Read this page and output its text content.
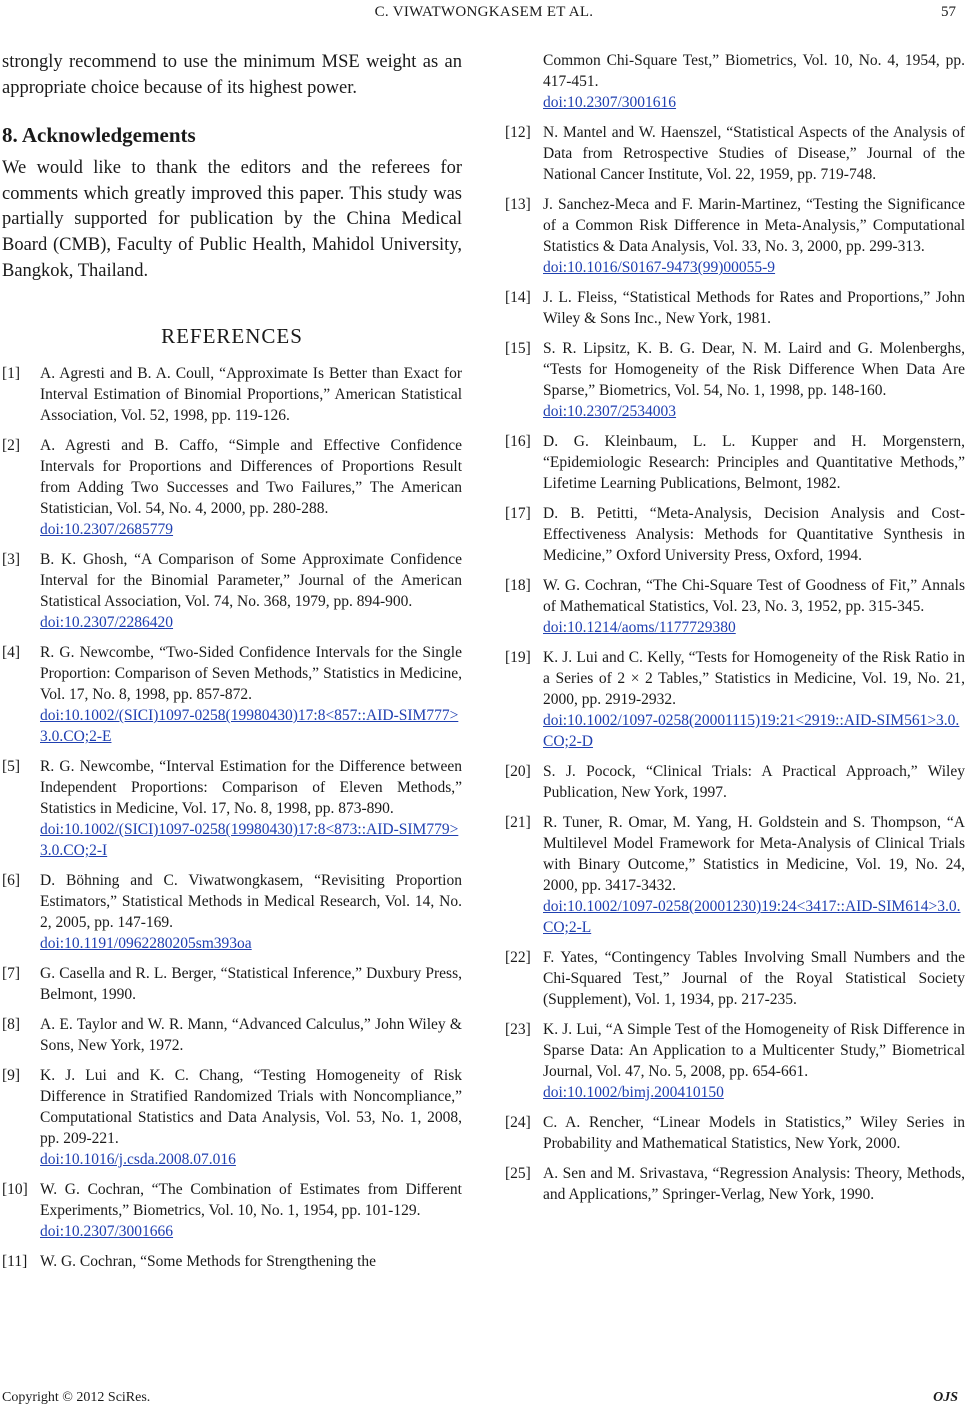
C. VIWATWONGKASEM ET AL.	57

strongly recommend to use the minimum MSE weight as an appropriate choice because of its highest power.

8. Acknowledgements

We would like to thank the editors and the referees for comments which greatly improved this paper. This study was partially supported for publication by the China Medical Board (CMB), Faculty of Public Health, Mahidol University, Bangkok, Thailand.

REFERENCES
[1] A. Agresti and B. A. Coull, “Approximate Is Better than Exact for Interval Estimation of Binomial Proportions,” American Statistical Association, Vol. 52, 1998, pp. 119-126.
[2] A. Agresti and B. Caffo, “Simple and Effective Confidence Intervals for Proportions and Differences of Proportions Result from Adding Two Successes and Two Failures,” The American Statistician, Vol. 54, No. 4, 2000, pp. 280-288.
doi:10.2307/2685779
[3] B. K. Ghosh, “A Comparison of Some Approximate Confidence Interval for the Binomial Parameter,” Journal of the American Statistical Association, Vol. 74, No. 368, 1979, pp. 894-900.
doi:10.2307/2286420
[4] R. G. Newcombe, “Two-Sided Confidence Intervals for the Single Proportion: Comparison of Seven Methods,” Statistics in Medicine, Vol. 17, No. 8, 1998, pp. 857-872.
doi:10.1002/(SICI)1097-0258(19980430)17:8<857::AID-SIM777>3.0.CO;2-E
[5] R. G. Newcombe, “Interval Estimation for the Difference between Independent Proportions: Comparison of Eleven Methods,” Statistics in Medicine, Vol. 17, No. 8, 1998, pp. 873-890.
doi:10.1002/(SICI)1097-0258(19980430)17:8<873::AID-SIM779>3.0.CO;2-I
[6] D. Böhning and C. Viwatwongkasem, “Revisiting Proportion Estimators,” Statistical Methods in Medical Research, Vol. 14, No. 2, 2005, pp. 147-169.
doi:10.1191/0962280205sm393oa
[7] G. Casella and R. L. Berger, “Statistical Inference,” Duxbury Press, Belmont, 1990.
[8] A. E. Taylor and W. R. Mann, “Advanced Calculus,” John Wiley & Sons, New York, 1972.
[9] K. J. Lui and K. C. Chang, “Testing Homogeneity of Risk Difference in Stratified Randomized Trials with Noncompliance,” Computational Statistics and Data Analysis, Vol. 53, No. 1, 2008, pp. 209-221.
doi:10.1016/j.csda.2008.07.016
[10] W. G. Cochran, “The Combination of Estimates from Different Experiments,” Biometrics, Vol. 10, No. 1, 1954, pp. 101-129.
doi:10.2307/3001666
[11] W. G. Cochran, “Some Methods for Strengthening the
Common Chi-Square Test,” Biometrics, Vol. 10, No. 4, 1954, pp. 417-451.
doi:10.2307/3001616
[12] N. Mantel and W. Haenszel, “Statistical Aspects of the Analysis of Data from Retrospective Studies of Disease,” Journal of the National Cancer Institute, Vol. 22, 1959, pp. 719-748.
[13] J. Sanchez-Meca and F. Marin-Martinez, “Testing the Significance of a Common Risk Difference in Meta-Analysis,” Computational Statistics & Data Analysis, Vol. 33, No. 3, 2000, pp. 299-313.
doi:10.1016/S0167-9473(99)00055-9
[14] J. L. Fleiss, “Statistical Methods for Rates and Proportions,” John Wiley & Sons Inc., New York, 1981.
[15] S. R. Lipsitz, K. B. G. Dear, N. M. Laird and G. Molenberghs, “Tests for Homogeneity of the Risk Difference When Data Are Sparse,” Biometrics, Vol. 54, No. 1, 1998, pp. 148-160.
doi:10.2307/2534003
[16] D. G. Kleinbaum, L. L. Kupper and H. Morgenstern, “Epidemiologic Research: Principles and Quantitative Methods,” Lifetime Learning Publications, Belmont, 1982.
[17] D. B. Petitti, “Meta-Analysis, Decision Analysis and Cost-Effectiveness Analysis: Methods for Quantitative Synthesis in Medicine,” Oxford University Press, Oxford, 1994.
[18] W. G. Cochran, “The Chi-Square Test of Goodness of Fit,” Annals of Mathematical Statistics, Vol. 23, No. 3, 1952, pp. 315-345.
doi:10.1214/aoms/1177729380
[19] K. J. Lui and C. Kelly, “Tests for Homogeneity of the Risk Ratio in a Series of 2 × 2 Tables,” Statistics in Medicine, Vol. 19, No. 21, 2000, pp. 2919-2932.
doi:10.1002/1097-0258(20001115)19:21<2919::AID-SIM561>3.0.CO;2-D
[20] S. J. Pocock, “Clinical Trials: A Practical Approach,” Wiley Publication, New York, 1997.
[21] R. Tuner, R. Omar, M. Yang, H. Goldstein and S. Thompson, “A Multilevel Model Framework for Meta-Analysis of Clinical Trials with Binary Outcome,” Statistics in Medicine, Vol. 19, No. 24, 2000, pp. 3417-3432.
doi:10.1002/1097-0258(20001230)19:24<3417::AID-SIM614>3.0.CO;2-L
[22] F. Yates, “Contingency Tables Involving Small Numbers and the Chi-Squared Test,” Journal of the Royal Statistical Society (Supplement), Vol. 1, 1934, pp. 217-235.
[23] K. J. Lui, “A Simple Test of the Homogeneity of Risk Difference in Sparse Data: An Application to a Multicenter Study,” Biometrical Journal, Vol. 47, No. 5, 2008, pp. 654-661.
doi:10.1002/bimj.200410150
[24] C. A. Rencher, “Linear Models in Statistics,” Wiley Series in Probability and Mathematical Statistics, New York, 2000.
[25] A. Sen and M. Srivastava, “Regression Analysis: Theory, Methods, and Applications,” Springer-Verlag, New York, 1990.
Copyright © 2012 SciRes.	OJS
